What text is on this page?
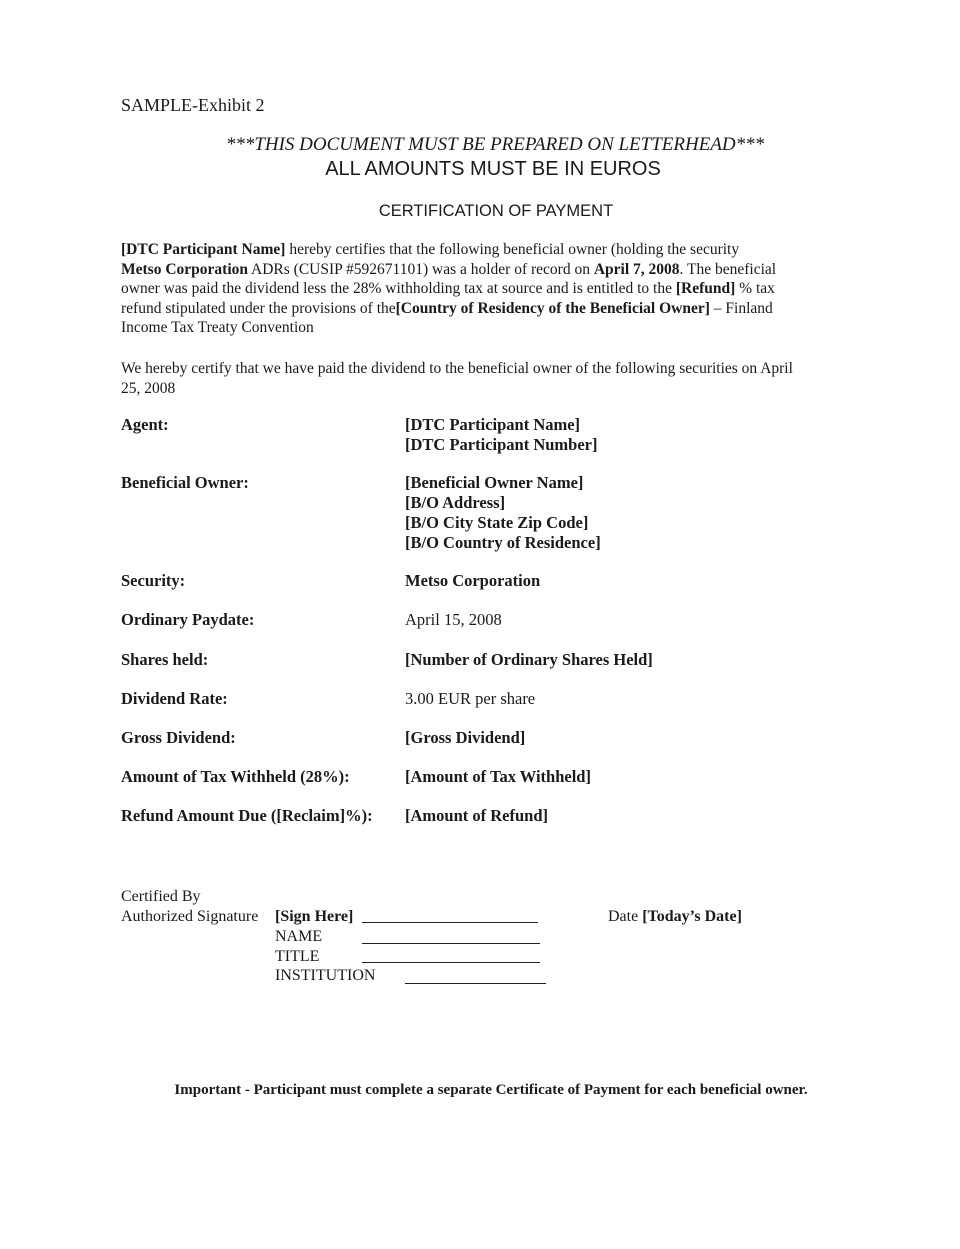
SAMPLE-Exhibit 2
***THIS DOCUMENT MUST BE PREPARED ON LETTERHEAD***
ALL AMOUNTS MUST BE IN EUROS
CERTIFICATION OF PAYMENT
[DTC Participant Name] hereby certifies that the following beneficial owner (holding the security
Metso Corporation ADRs (CUSIP #592671101) was a holder of record on April 7, 2008. The beneficial
owner was paid the dividend less the 28% withholding tax at source and is entitled to the [Refund] % tax
refund stipulated under the provisions of the[Country of Residency of the Beneficial Owner] – Finland
Income Tax Treaty Convention
We hereby certify that we have paid the dividend to the beneficial owner of the following securities on April
25, 2008
Agent:	[DTC Participant Name]
[DTC Participant Number]
Beneficial Owner:	[Beneficial Owner Name]
[B/O Address]
[B/O City State Zip Code]
[B/O Country of Residence]
Security:	Metso Corporation
Ordinary Paydate:	April 15, 2008
Shares held:	[Number of Ordinary Shares Held]
Dividend Rate:	3.00 EUR per share
Gross Dividend:	[Gross Dividend]
Amount of Tax Withheld (28%):	[Amount of Tax Withheld]
Refund Amount Due ([Reclaim]%): [Amount of Refund]
Certified By
Authorized Signature [Sign Here]
NAME
TITLE
INSTITUTION
Date [Today’s Date]
Important - Participant must complete a separate Certificate of Payment for each beneficial owner.
